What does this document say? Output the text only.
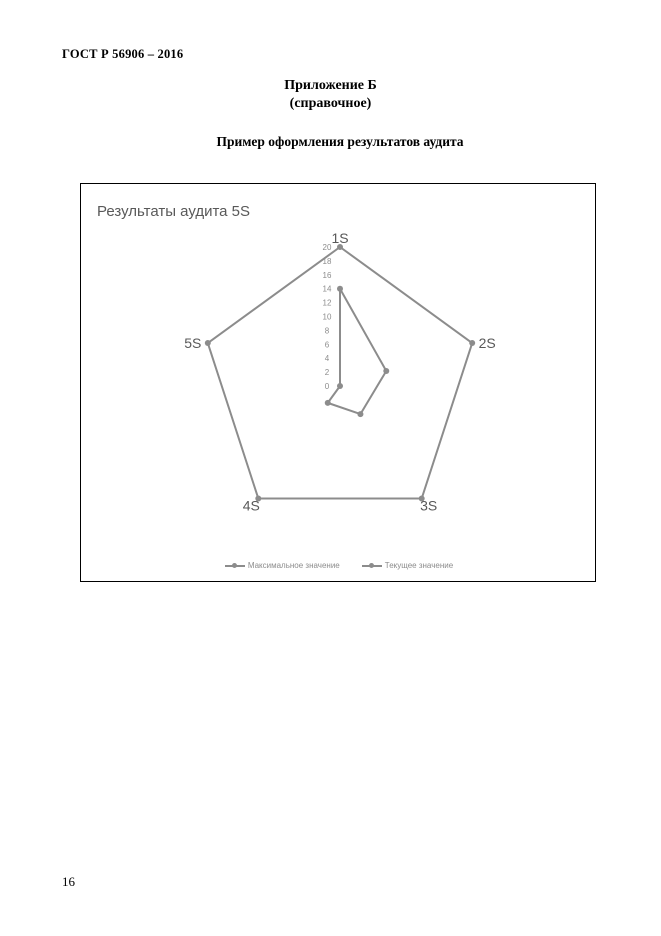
ГОСТ Р 56906 – 2016
Приложение Б
(справочное)
Пример оформления результатов аудита
0
2
4
6
8
10
12
14
16
18
20
1S
2S
3S
4S
5S
Результаты аудита 5S
Максимальное значение	Текущее значение
16
